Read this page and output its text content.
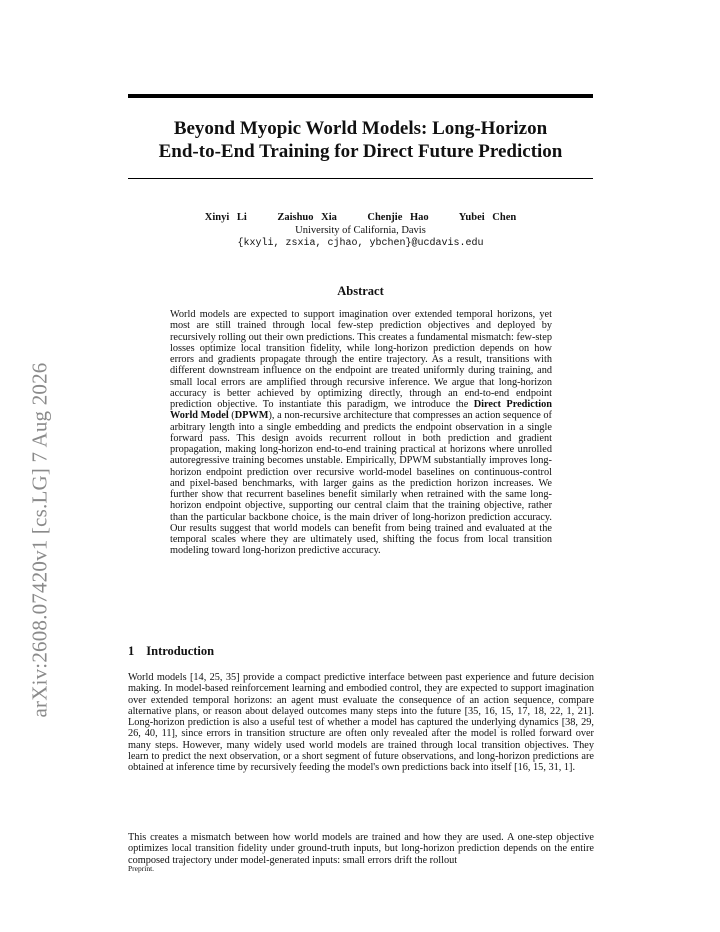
arXiv:2608.07420v1 [cs.LG] 7 Aug 2026
Beyond Myopic World Models: Long-Horizon
End-to-End Training for Direct Future Prediction
Xinyi Li	Zaishuo Xia	Chenjie Hao	Yubei Chen
University of California, Davis
{kxyli, zsxia, cjhao, ybchen}@ucdavis.edu
Abstract
World models are expected to support imagination over extended temporal horizons, yet most are still trained through local few-step prediction objectives and deployed by recursively rolling out their own predictions. This creates a fundamental mismatch: few-step losses optimize local transition fidelity, while long-horizon prediction depends on how errors and gradients propagate through the entire trajectory. As a result, transitions with different downstream influence on the endpoint are treated uniformly during training, and small local errors are amplified through recursive inference. We argue that long-horizon accuracy is better achieved by optimizing directly, through an end-to-end endpoint prediction objective. To instantiate this paradigm, we introduce the Direct Prediction World Model (DPWM), a non-recursive architecture that compresses an action sequence of arbitrary length into a single embedding and predicts the endpoint observation in a single forward pass. This design avoids recurrent rollout in both prediction and gradient propagation, making long-horizon end-to-end training practical at horizons where unrolled autoregressive training becomes unstable. Empirically, DPWM substantially improves long-horizon endpoint prediction over recursive world-model baselines on continuous-control and pixel-based benchmarks, with larger gains as the prediction horizon increases. We further show that recurrent baselines benefit similarly when retrained with the same long-horizon endpoint objective, supporting our central claim that the training objective, rather than the particular backbone choice, is the main driver of long-horizon prediction accuracy. Our results suggest that world models can benefit from being trained and evaluated at the temporal scales where they are ultimately used, shifting the focus from local transition modeling toward long-horizon predictive accuracy.
1 Introduction
World models [14, 25, 35] provide a compact predictive interface between past experience and future decision making. In model-based reinforcement learning and embodied control, they are expected to support imagination over extended temporal horizons: an agent must evaluate the consequence of an action sequence, compare alternative plans, or reason about delayed outcomes many steps into the future [35, 16, 15, 17, 18, 22, 1, 21]. Long-horizon prediction is also a useful test of whether a model has captured the underlying dynamics [38, 29, 26, 40, 11], since errors in transition structure are often only revealed after the model is rolled forward over many steps. However, many widely used world models are trained through local transition objectives. They learn to predict the next observation, or a short segment of future observations, and long-horizon predictions are obtained at inference time by recursively feeding the model's own predictions back into itself [16, 15, 31, 1].
This creates a mismatch between how world models are trained and how they are used. A one-step objective optimizes local transition fidelity under ground-truth inputs, but long-horizon prediction depends on the entire composed trajectory under model-generated inputs: small errors drift the rollout
Preprint.
